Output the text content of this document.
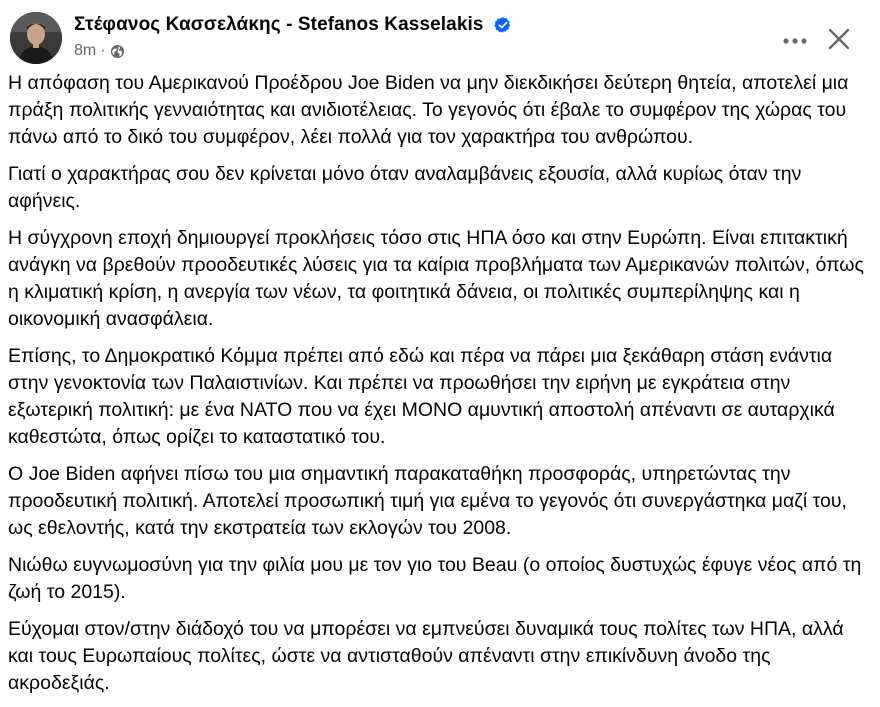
Στέφανος Κασσελάκης - Stefanos Kasselakis
8m ·

Η απόφαση του Αμερικανού Προέδρου Joe Biden να μην διεκδικήσει δεύτερη θητεία, αποτελεί μια πράξη πολιτικής γενναιότητας και ανιδιοτέλειας. Το γεγονός ότι έβαλε το συμφέρον της χώρας του πάνω από το δικό του συμφέρον, λέει πολλά για τον χαρακτήρα του ανθρώπου.

Γιατί ο χαρακτήρας σου δεν κρίνεται μόνο όταν αναλαμβάνεις εξουσία, αλλά κυρίως όταν την αφήνεις.

Η σύγχρονη εποχή δημιουργεί προκλήσεις τόσο στις ΗΠΑ όσο και στην Ευρώπη. Είναι επιτακτική ανάγκη να βρεθούν προοδευτικές λύσεις για τα καίρια προβλήματα των Αμερικανών πολιτών, όπως η κλιματική κρίση, η ανεργία των νέων, τα φοιτητικά δάνεια, οι πολιτικές συμπερίληψης και η οικονομική ανασφάλεια.

Επίσης, το Δημοκρατικό Κόμμα πρέπει από εδώ και πέρα να πάρει μια ξεκάθαρη στάση ενάντια στην γενοκτονία των Παλαιστινίων. Και πρέπει να προωθήσει την ειρήνη με εγκράτεια στην εξωτερική πολιτική: με ένα ΝΑΤΟ που να έχει ΜΟΝΟ αμυντική αποστολή απέναντι σε αυταρχικά καθεστώτα, όπως ορίζει το καταστατικό του.

Ο Joe Biden αφήνει πίσω του μια σημαντική παρακαταθήκη προσφοράς, υπηρετώντας την προοδευτική πολιτική. Αποτελεί προσωπική τιμή για εμένα το γεγονός ότι συνεργάστηκα μαζί του, ως εθελοντής, κατά την εκστρατεία των εκλογών του 2008.

Νιώθω ευγνωμοσύνη για την φιλία μου με τον γιο του Beau (ο οποίος δυστυχώς έφυγε νέος από τη ζωή το 2015).

Εύχομαι στον/στην διάδοχό του να μπορέσει να εμπνεύσει δυναμικά τους πολίτες των ΗΠΑ, αλλά και τους Ευρωπαίους πολίτες, ώστε να αντισταθούν απέναντι στην επικίνδυνη άνοδο της ακροδεξιάς.
